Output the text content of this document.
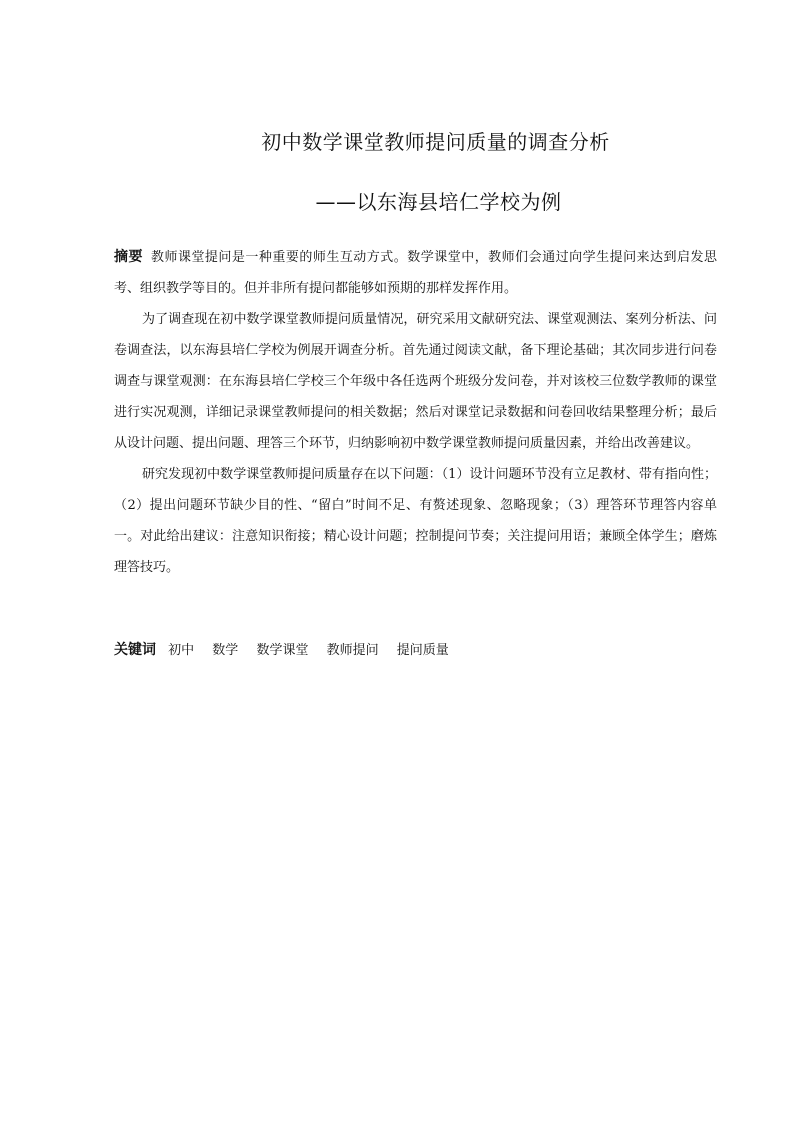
初中数学课堂教师提问质量的调查分析
——以东海县培仁学校为例

摘要 教师课堂提问是一种重要的师生互动方式。数学课堂中，教师们会通过向学生提问来达到启发思考、组织教学等目的。但并非所有提问都能够如预期的那样发挥作用。

为了调查现在初中数学课堂教师提问质量情况，研究采用文献研究法、课堂观测法、案列分析法、问卷调查法，以东海县培仁学校为例展开调查分析。首先通过阅读文献，备下理论基础；其次同步进行问卷调查与课堂观测：在东海县培仁学校三个年级中各任选两个班级分发问卷，并对该校三位数学教师的课堂进行实况观测，详细记录课堂教师提问的相关数据；然后对课堂记录数据和问卷回收结果整理分析；最后从设计问题、提出问题、理答三个环节，归纳影响初中数学课堂教师提问质量因素，并给出改善建议。

研究发现初中数学课堂教师提问质量存在以下问题：（1）设计问题环节没有立足教材、带有指向性；（2）提出问题环节缺少目的性、“留白”时间不足、有赘述现象、忽略现象；（3）理答环节理答内容单一。对此给出建议：注意知识衔接；精心设计问题；控制提问节奏；关注提问用语；兼顾全体学生；磨炼理答技巧。

关键词 初中 数学 数学课堂 教师提问 提问质量
